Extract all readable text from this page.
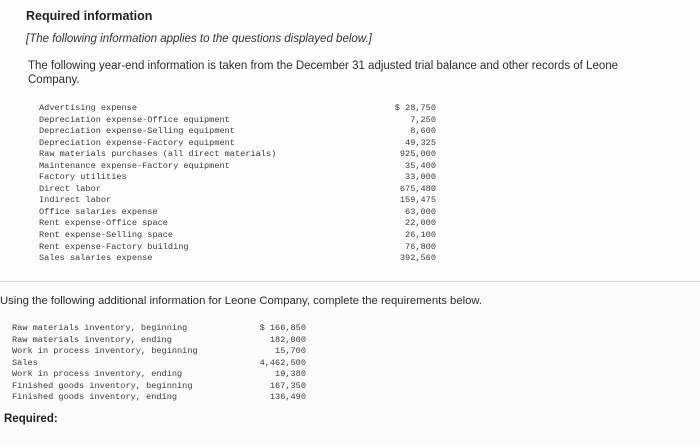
Required information
[The following information applies to the questions displayed below.]
The following year-end information is taken from the December 31 adjusted trial balance and other records of Leone Company.
Advertising expense	$ 28,750
Depreciation expense-Office equipment	7,250
Depreciation expense-Selling equipment	8,600
Depreciation expense-Factory equipment	49,325
Raw materials purchases (all direct materials)	925,000
Maintenance expense-Factory equipment	35,400
Factory utilities	33,000
Direct labor	675,480
Indirect labor	159,475
Office salaries expense	63,000
Rent expense-Office space	22,000
Rent expense-Selling space	26,100
Rent expense-Factory building	76,800
Sales salaries expense	392,560
Using the following additional information for Leone Company, complete the requirements below.
Raw materials inventory, beginning	$ 166,850
Raw materials inventory, ending	182,000
Work in process inventory, beginning	15,700
Sales	4,462,500
Work in process inventory, ending	19,380
Finished goods inventory, beginning	167,350
Finished goods inventory, ending	136,490
Required:
